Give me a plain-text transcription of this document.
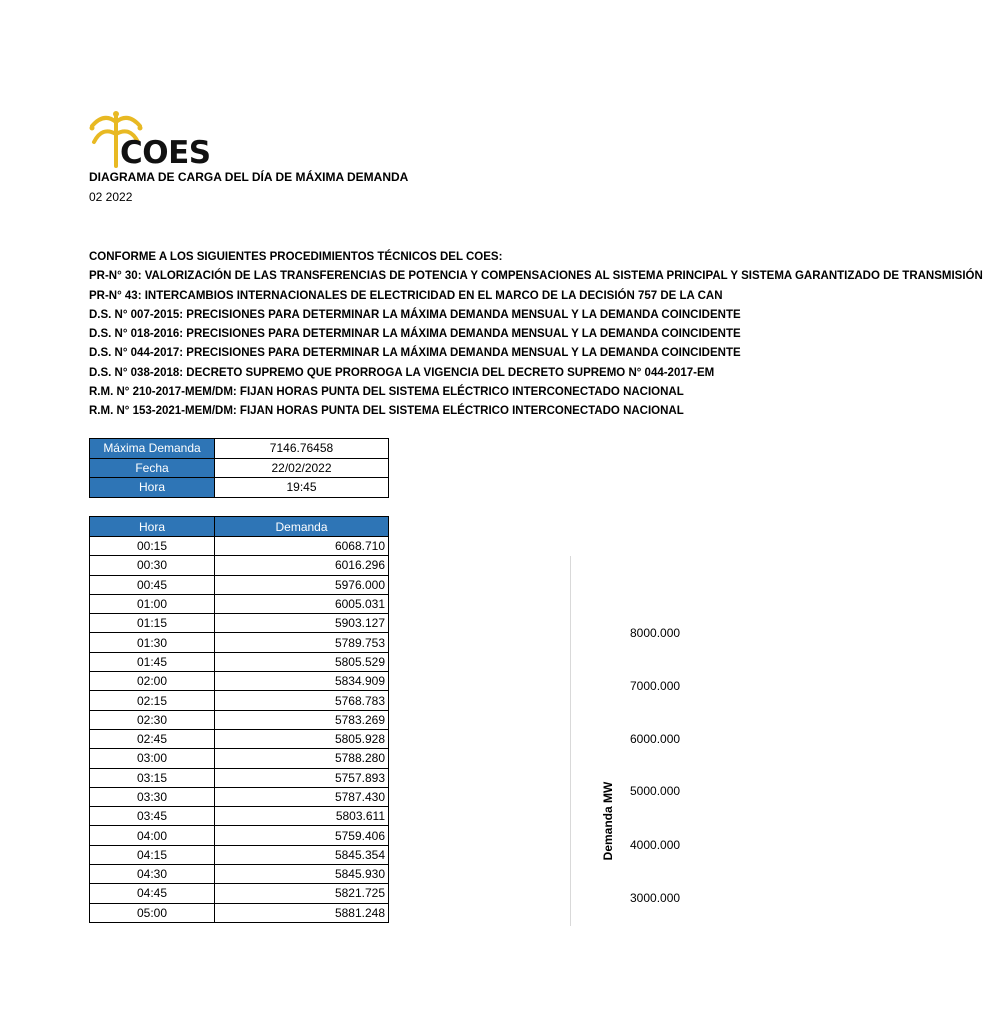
COES
DIAGRAMA DE CARGA DEL DÍA DE MÁXIMA DEMANDA
02 2022
CONFORME A LOS SIGUIENTES PROCEDIMIENTOS TÉCNICOS DEL COES:
PR-N° 30: VALORIZACIÓN DE LAS TRANSFERENCIAS DE POTENCIA Y COMPENSACIONES AL SISTEMA PRINCIPAL Y SISTEMA GARANTIZADO DE TRANSMISIÓN
PR-N° 43: INTERCAMBIOS INTERNACIONALES DE ELECTRICIDAD EN EL MARCO DE LA DECISIÓN 757 DE LA CAN
D.S. N° 007-2015: PRECISIONES PARA DETERMINAR LA MÁXIMA DEMANDA MENSUAL Y LA DEMANDA COINCIDENTE
D.S. N° 018-2016: PRECISIONES PARA DETERMINAR LA MÁXIMA DEMANDA MENSUAL Y LA DEMANDA COINCIDENTE
D.S. N° 044-2017: PRECISIONES PARA DETERMINAR LA MÁXIMA DEMANDA MENSUAL Y LA DEMANDA COINCIDENTE
D.S. N° 038-2018: DECRETO SUPREMO QUE PRORROGA LA VIGENCIA DEL DECRETO SUPREMO N° 044-2017-EM
R.M. N° 210-2017-MEM/DM: FIJAN HORAS PUNTA DEL SISTEMA ELÉCTRICO INTERCONECTADO NACIONAL
R.M. N° 153-2021-MEM/DM: FIJAN HORAS PUNTA DEL SISTEMA ELÉCTRICO INTERCONECTADO NACIONAL
Máxima Demanda	7146.76458
Fecha	22/02/2022
Hora	19:45
Hora	Demanda
00:15	6068.710
00:30	6016.296
00:45	5976.000
01:00	6005.031
01:15	5903.127
01:30	5789.753
01:45	5805.529
02:00	5834.909
02:15	5768.783
02:30	5783.269
02:45	5805.928
03:00	5788.280
03:15	5757.893
03:30	5787.430
03:45	5803.611
04:00	5759.406
04:15	5845.354
04:30	5845.930
04:45	5821.725
05:00	5881.248
8000.000
7000.000
6000.000
5000.000
4000.000
3000.000
Demanda MW
